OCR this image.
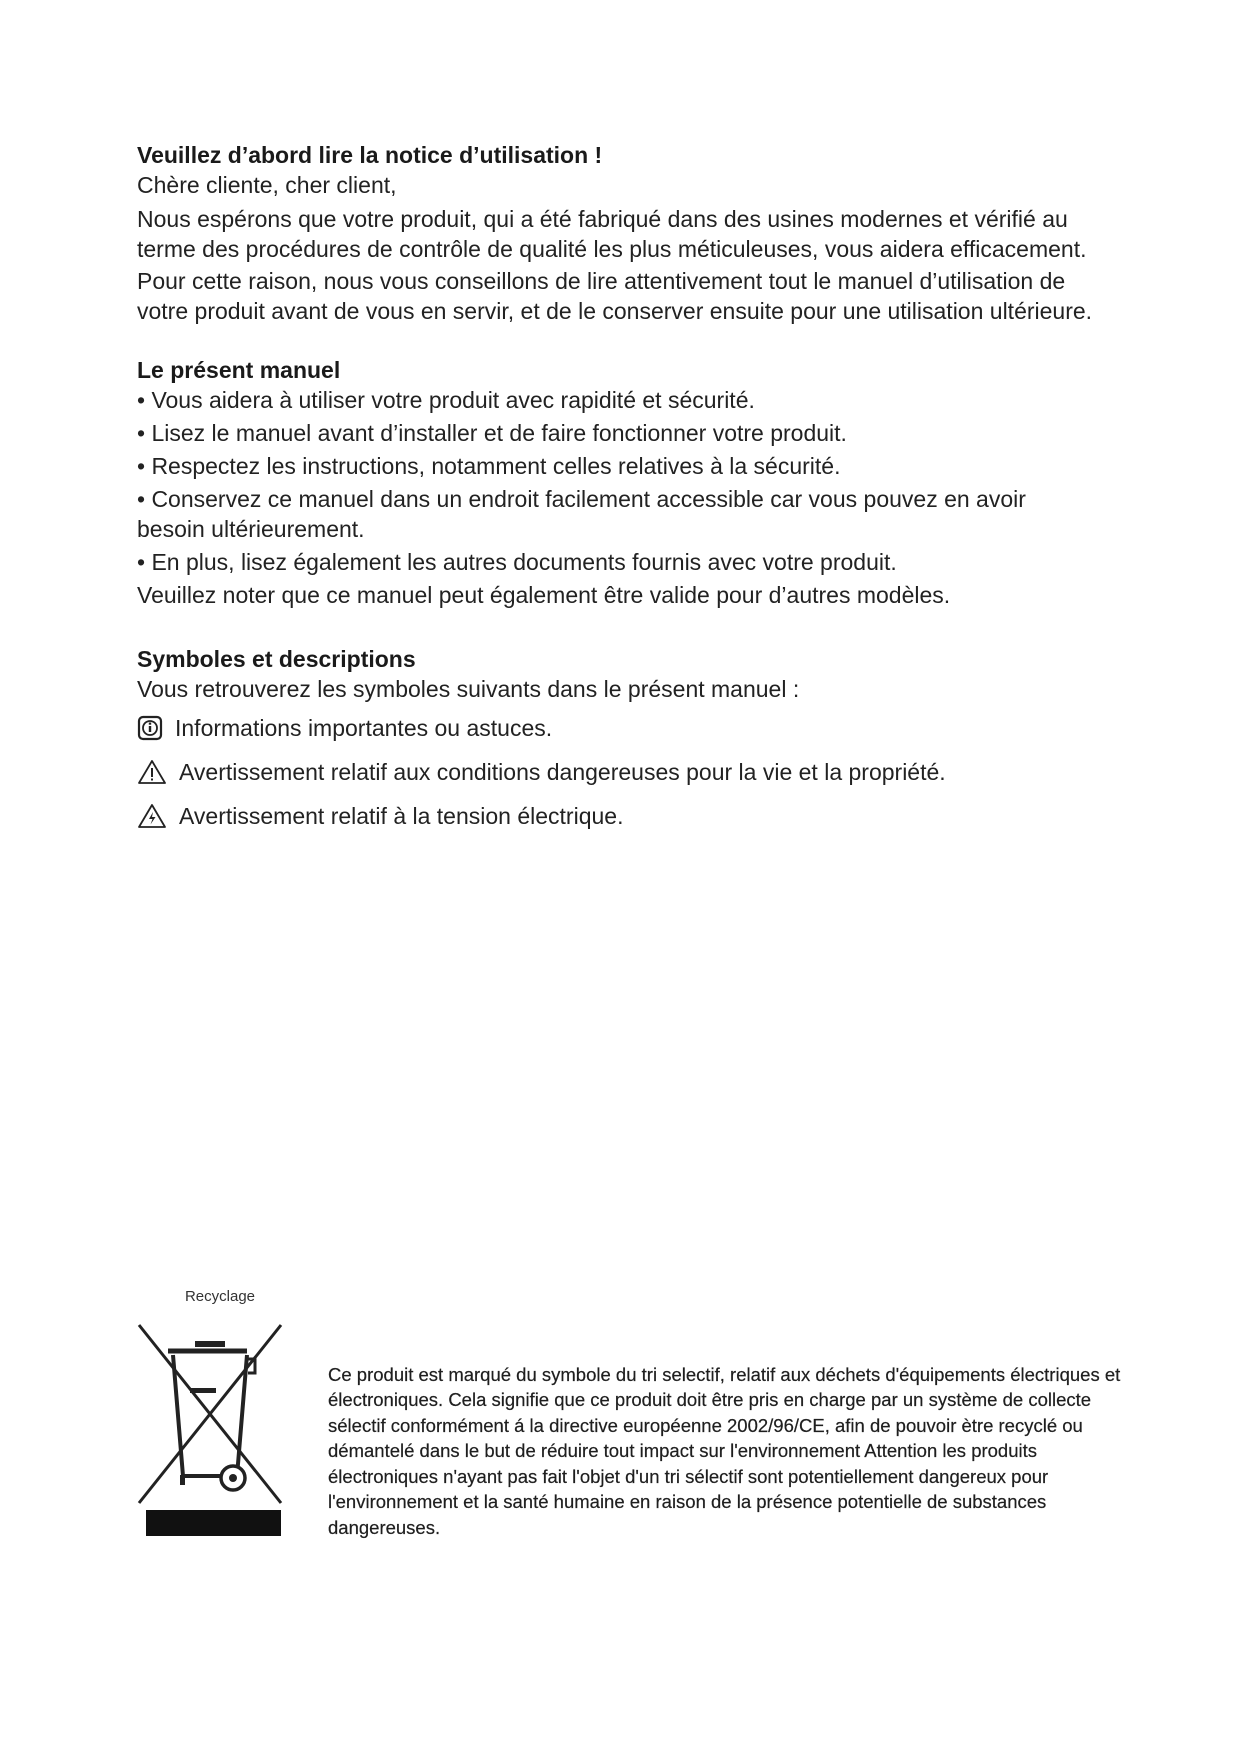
Veuillez d’abord lire la notice d’utilisation !

Chère cliente, cher client,

Nous espérons que votre produit, qui a été fabriqué dans des usines modernes et vérifié au terme des procédures de contrôle de qualité les plus méticuleuses, vous aidera efficacement.

Pour cette raison, nous vous conseillons de lire attentivement tout le manuel d’utilisation de votre produit avant de vous en servir, et de le conserver ensuite pour une utilisation ultérieure.

Le présent manuel

• Vous aidera à utiliser votre produit avec rapidité et sécurité.

• Lisez le manuel avant d’installer et de faire fonctionner votre produit.

• Respectez les instructions, notamment celles relatives à la sécurité.

• Conservez ce manuel dans un endroit facilement accessible car vous pouvez en avoir besoin ultérieurement.

• En plus, lisez également les autres documents fournis avec votre produit.

Veuillez noter que ce manuel peut également être valide pour d’autres modèles.

Symboles et descriptions

Vous retrouverez les symboles suivants dans le présent manuel :

Informations importantes ou astuces.
Avertissement relatif aux conditions dangereuses pour la vie et la propriété.
Avertissement relatif à la tension électrique.
Recyclage

Ce produit est marqué du symbole du tri selectif, relatif aux déchets d'équipements électriques et électroniques. Cela signifie que ce produit doit être pris en charge par un système de collecte sélectif conformément á la directive européenne 2002/96/CE, afin de pouvoir ètre recyclé ou démantelé dans le but de réduire tout impact sur l'environnement Attention les produits électroniques n'ayant pas fait l'objet d'un tri sélectif sont potentiellement dangereux pour l'environnement et la santé humaine en raison de la présence potentielle de substances dangereuses.
